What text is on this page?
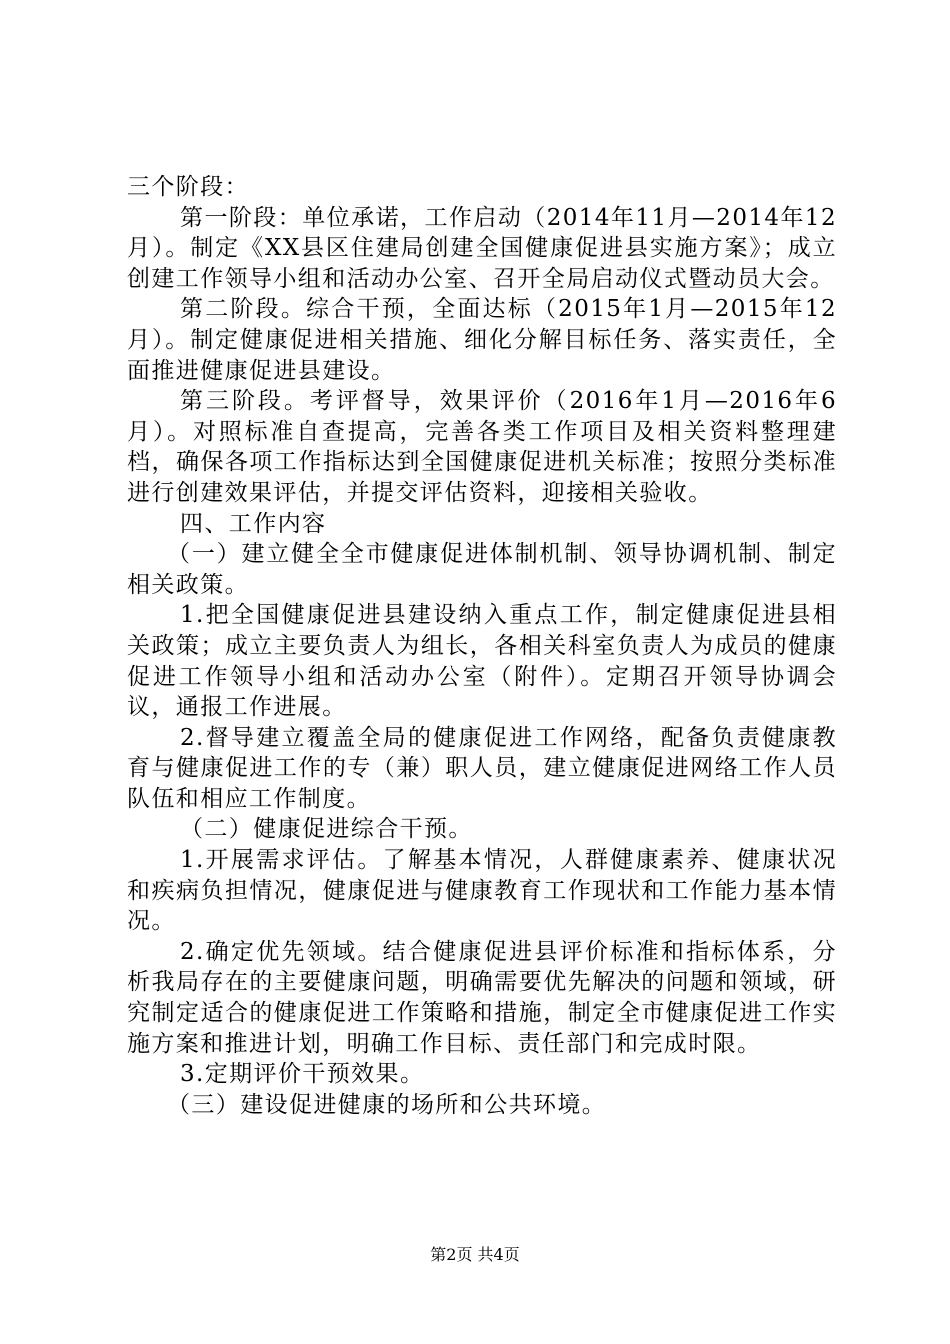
三个阶段：

第一阶段：单位承诺，工作启动（2014年11月—2014年12月）。制定《XX县区住建局创建全国健康促进县实施方案》；成立创建工作领导小组和活动办公室、召开全局启动仪式暨动员大会。

第二阶段。综合干预，全面达标（2015年1月—2015年12月）。制定健康促进相关措施、细化分解目标任务、落实责任，全面推进健康促进县建设。

第三阶段。考评督导，效果评价（2016年1月—2016年6月）。对照标准自查提高，完善各类工作项目及相关资料整理建档，确保各项工作指标达到全国健康促进机关标准；按照分类标准进行创建效果评估，并提交评估资料，迎接相关验收。

四、工作内容

（一）建立健全全市健康促进体制机制、领导协调机制、制定相关政策。

1.把全国健康促进县建设纳入重点工作，制定健康促进县相关政策；成立主要负责人为组长，各相关科室负责人为成员的健康促进工作领导小组和活动办公室（附件）。定期召开领导协调会议，通报工作进展。

2.督导建立覆盖全局的健康促进工作网络，配备负责健康教育与健康促进工作的专（兼）职人员，建立健康促进网络工作人员队伍和相应工作制度。

（二）健康促进综合干预。

1.开展需求评估。了解基本情况，人群健康素养、健康状况和疾病负担情况，健康促进与健康教育工作现状和工作能力基本情况。

2.确定优先领域。结合健康促进县评价标准和指标体系，分析我局存在的主要健康问题，明确需要优先解决的问题和领域，研究制定适合的健康促进工作策略和措施，制定全市健康促进工作实施方案和推进计划，明确工作目标、责任部门和完成时限。

3.定期评价干预效果。

（三）建设促进健康的场所和公共环境。

第2页 共4页
